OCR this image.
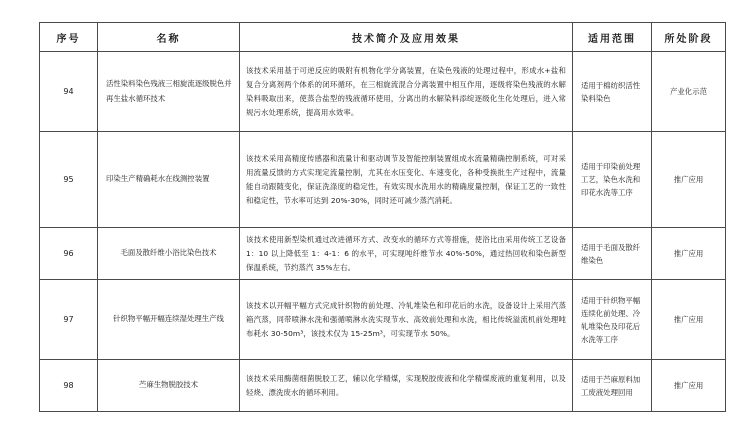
序号	名称	技术简介及应用效果	适用范围	所处阶段
94	活性染料染色残液三相旋流逐级脱色并再生盐水循环技术	该技术采用基于可逆反应的吸附有机物化学分离装置，在染色残液的处理过程中，形成水+盐和复合分离剂两个体系的闭环循环，在三相旋流混合分离装置中相互作用，逐级将染色残液的水解染料吸取出来，使蒸合盐型的残液循环使用，分离出的水解染料添绽逐级化生化处理后，进入常规污水处理系统，提高用水效率。	适用于棉纺织活性染料染色	产业化示范
95	印染生产精确耗水在线测控装置	该技术采用高精度传感器和流量计和驱动调节及智能控制装置组成水流量精确控制系统，可对采用流量反馈的方式实现定流量控制，尤其在水压变化、车速变化，各种受换批生产过程中，流量能自动跟随变化，保证洗涤度的稳定性，有效实现水洗用水的精确度量控制，保证工艺的一致性和稳定性，节水率可达到 20%-30%，同时还可减少蒸汽消耗。	适用于印染前处理工艺，染色水洗和印花水洗等工序	推广应用
96	毛面及散纤维小浴比染色技术	该技术使用新型染机通过改进循环方式、改变水的循环方式等措施，使浴比由采用传统工艺设备 1：10 以上降低至 1：4-1：6 的水平，可实现吨纤维节水 40%-50%，通过热回收和染色新型保温系统，节约蒸汽 35%左右。	适用于毛面及散纤维染色	推广应用
97	针织物平幅开幅连续湿处理生产线	该技术以开幅平幅方式完成针织物的前处理、冷轧堆染色和印花后的水洗，设备设计上采用汽蒸箱汽蒸，同带喷淋水洗和强循喷淋水洗实现节水、高效前处理和水洗，相比传统溢流机前处理吨布耗水 30-50m³，该技术仅为 15-25m³，可实现节水 50%。	适用于针织物平幅连续化前处理、冷轧堆染色及印花后水洗等工序	推广应用
98	苎麻生物脱胶技术	该技术采用酶菌细菌脱胶工艺，辅以化学精煤，实现脱胶废液和化学精煤废液的重复利用，以及轻烧、漂洗废水的循环利用。	适用于苎麻原料加工废液处理回用	推广应用
